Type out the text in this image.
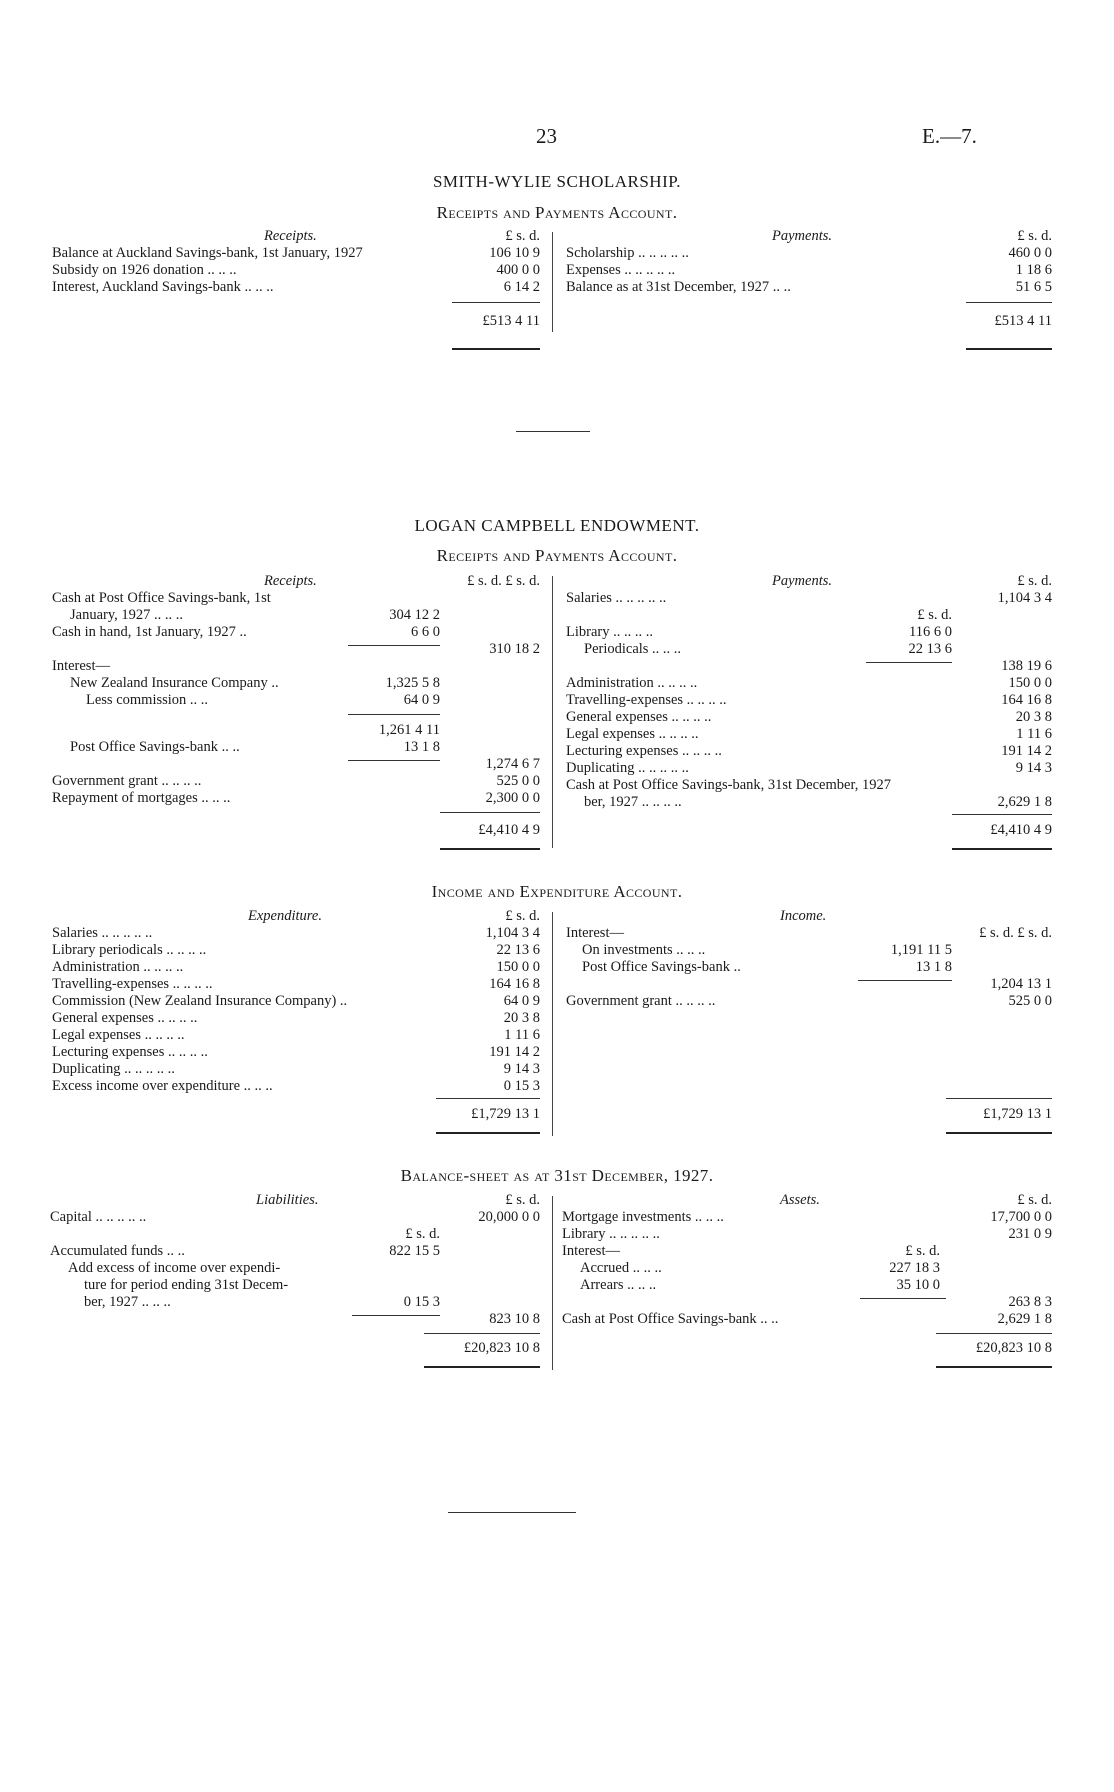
23	E.—7.
SMITH-WYLIE SCHOLARSHIP.
Receipts and Payments Account.
Receipts.	£ s. d.
Balance at Auckland Savings-bank, 1st January, 1927	106 10 9
Subsidy on 1926 donation .. .. ..	400 0 0
Interest, Auckland Savings-bank .. .. ..	6 14 2
£513 4 11
Payments.	£ s. d.
Scholarship .. .. .. .. ..	460 0 0
Expenses .. .. .. .. ..	1 18 6
Balance as at 31st December, 1927 .. ..	51 6 5
£513 4 11
LOGAN CAMPBELL ENDOWMENT.
Receipts and Payments Account.
Receipts.	£ s. d. £ s. d.
Cash at Post Office Savings-bank, 1st
January, 1927 .. .. ..	304 12 2
Cash in hand, 1st January, 1927 ..	6 6 0
310 18 2
Interest—
New Zealand Insurance Company ..	1,325 5 8
Less commission .. ..	64 0 9
1,261 4 11
Post Office Savings-bank .. ..	13 1 8
1,274 6 7
Government grant .. .. .. ..	525 0 0
Repayment of mortgages .. .. ..	2,300 0 0
£4,410 4 9
Payments.	£ s. d.
Salaries .. .. .. .. ..	1,104 3 4
£ s. d.
Library .. .. .. ..	116 6 0
Periodicals .. .. ..	22 13 6
138 19 6
Administration .. .. .. ..	150 0 0
Travelling-expenses .. .. .. ..	164 16 8
General expenses .. .. .. ..	20 3 8
Legal expenses .. .. .. ..	1 11 6
Lecturing expenses .. .. .. ..	191 14 2
Duplicating .. .. .. .. ..	9 14 3
Cash at Post Office Savings-bank, 31st December, 1927
ber, 1927 .. .. .. ..	2,629 1 8
£4,410 4 9
Income and Expenditure Account.
Expenditure.	£ s. d.
Salaries .. .. .. .. ..	1,104 3 4
Library periodicals .. .. .. ..	22 13 6
Administration .. .. .. ..	150 0 0
Travelling-expenses .. .. .. ..	164 16 8
Commission (New Zealand Insurance Company) ..	64 0 9
General expenses .. .. .. ..	20 3 8
Legal expenses .. .. .. ..	1 11 6
Lecturing expenses .. .. .. ..	191 14 2
Duplicating .. .. .. .. ..	9 14 3
Excess income over expenditure .. .. ..	0 15 3
£1,729 13 1
Income.
£ s. d. £ s. d.
Interest—
On investments .. .. ..	1,191 11 5
Post Office Savings-bank ..	13 1 8
1,204 13 1
Government grant .. .. .. ..	525 0 0
£1,729 13 1
Balance-sheet as at 31st December, 1927.
Liabilities.	£ s. d.
Capital .. .. .. .. ..	20,000 0 0
£ s. d.
Accumulated funds .. ..	822 15 5
Add excess of income over expendi-
ture for period ending 31st Decem-
ber, 1927 .. .. ..	0 15 3
823 10 8
£20,823 10 8
Assets.	£ s. d.
Mortgage investments .. .. ..	17,700 0 0
Library .. .. .. .. ..	231 0 9
Interest—	£ s. d.
Accrued .. .. ..	227 18 3
Arrears .. .. ..	35 10 0
263 8 3
Cash at Post Office Savings-bank .. ..	2,629 1 8
£20,823 10 8
